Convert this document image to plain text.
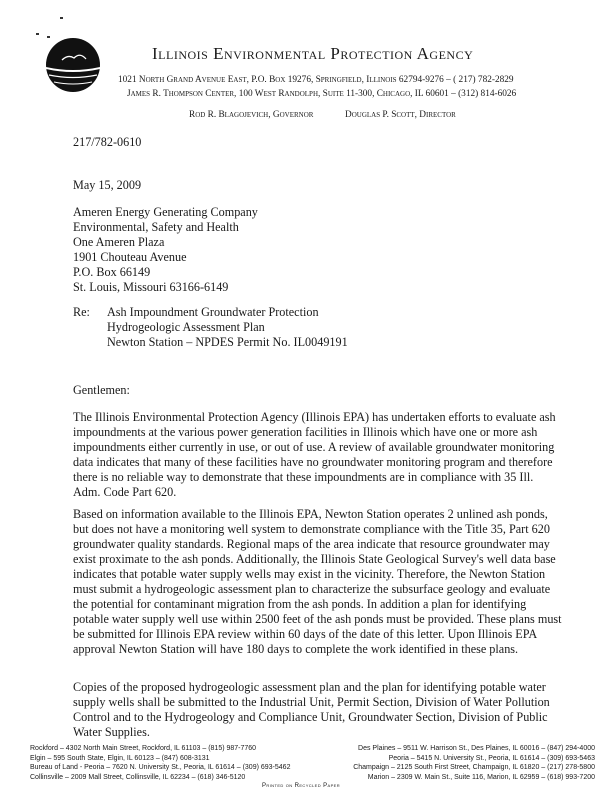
Illinois Environmental Protection Agency
1021 North Grand Avenue East, P.O. Box 19276, Springfield, Illinois 62794-9276 – ( 217) 782-2829
James R. Thompson Center, 100 West Randolph, Suite 11-300, Chicago, IL 60601 – (312) 814-6026
Rod R. Blagojevich, Governor	Douglas P. Scott, Director
217/782-0610
May 15, 2009
Ameren Energy Generating Company
Environmental, Safety and Health
One Ameren Plaza
1901 Chouteau Avenue
P.O. Box 66149
St. Louis, Missouri 63166-6149
Re: Ash Impoundment Groundwater Protection
Hydrogeologic Assessment Plan
Newton Station – NPDES Permit No. IL0049191
Gentlemen:
The Illinois Environmental Protection Agency (Illinois EPA) has undertaken efforts to evaluate ash impoundments at the various power generation facilities in Illinois which have one or more ash impoundments either currently in use, or out of use. A review of available groundwater monitoring data indicates that many of these facilities have no groundwater monitoring program and therefore there is no reliable way to demonstrate that these impoundments are in compliance with 35 Ill. Adm. Code Part 620.
Based on information available to the Illinois EPA, Newton Station operates 2 unlined ash ponds, but does not have a monitoring well system to demonstrate compliance with the Title 35, Part 620 groundwater quality standards. Regional maps of the area indicate that resource groundwater may exist proximate to the ash ponds. Additionally, the Illinois State Geological Survey's well data base indicates that potable water supply wells may exist in the vicinity. Therefore, the Newton Station must submit a hydrogeologic assessment plan to characterize the subsurface geology and evaluate the potential for contaminant migration from the ash ponds. In addition a plan for identifying potable water supply well use within 2500 feet of the ash ponds must be provided. These plans must be submitted for Illinois EPA review within 60 days of the date of this letter. Upon Illinois EPA approval Newton Station will have 180 days to complete the work identified in these plans.
Copies of the proposed hydrogeologic assessment plan and the plan for identifying potable water supply wells shall be submitted to the Industrial Unit, Permit Section, Division of Water Pollution Control and to the Hydrogeology and Compliance Unit, Groundwater Section, Division of Public Water Supplies.
Rockford – 4302 North Main Street, Rockford, IL 61103 – (815) 987-7760	Des Plaines – 9511 W. Harrison St., Des Plaines, IL 60016 – (847) 294-4000
Elgin – 595 South State, Elgin, IL 60123 – (847) 608-3131	Peoria – 5415 N. University St., Peoria, IL 61614 – (309) 693-5463
Bureau of Land - Peoria – 7620 N. University St., Peoria, IL 61614 – (309) 693-5462	Champaign – 2125 South First Street, Champaign, IL 61820 – (217) 278-5800
Collinsville – 2009 Mall Street, Collinsville, IL 62234 – (618) 346-5120	Marion – 2309 W. Main St., Suite 116, Marion, IL 62959 – (618) 993-7200
Printed on Recycled Paper
